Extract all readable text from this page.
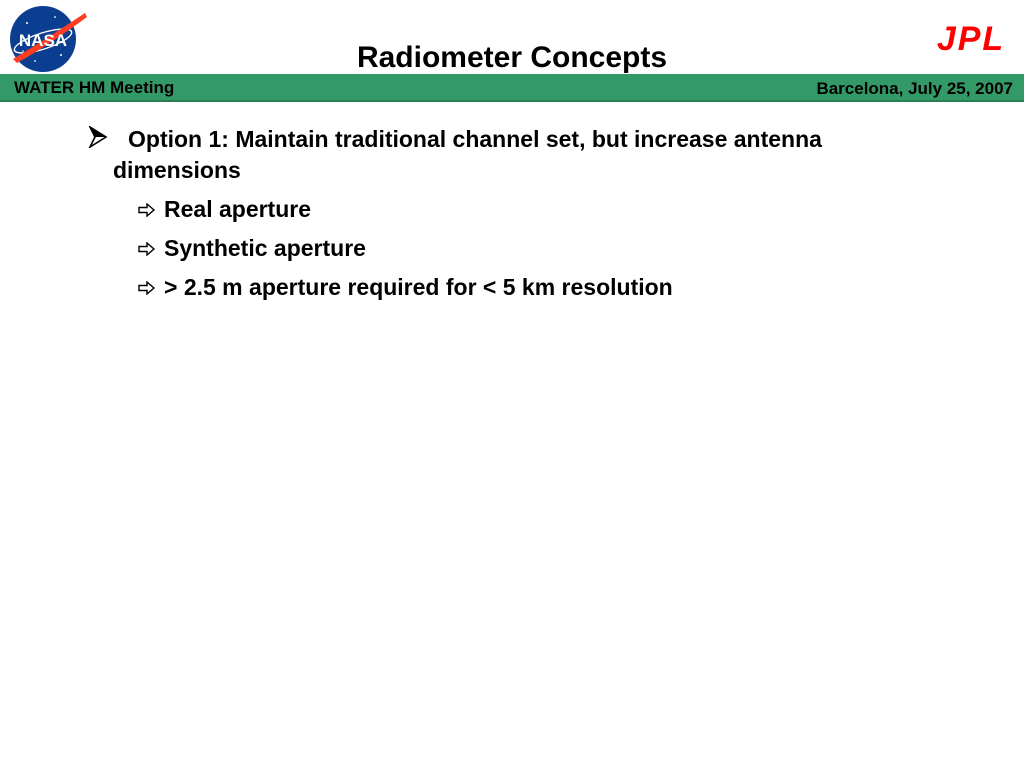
NASA	JPL
Radiometer Concepts
WATER HM Meeting	Barcelona, July 25, 2007
Option 1: Maintain traditional channel set, but increase antenna dimensions
Real aperture
Synthetic aperture
> 2.5 m aperture required for < 5 km resolution
